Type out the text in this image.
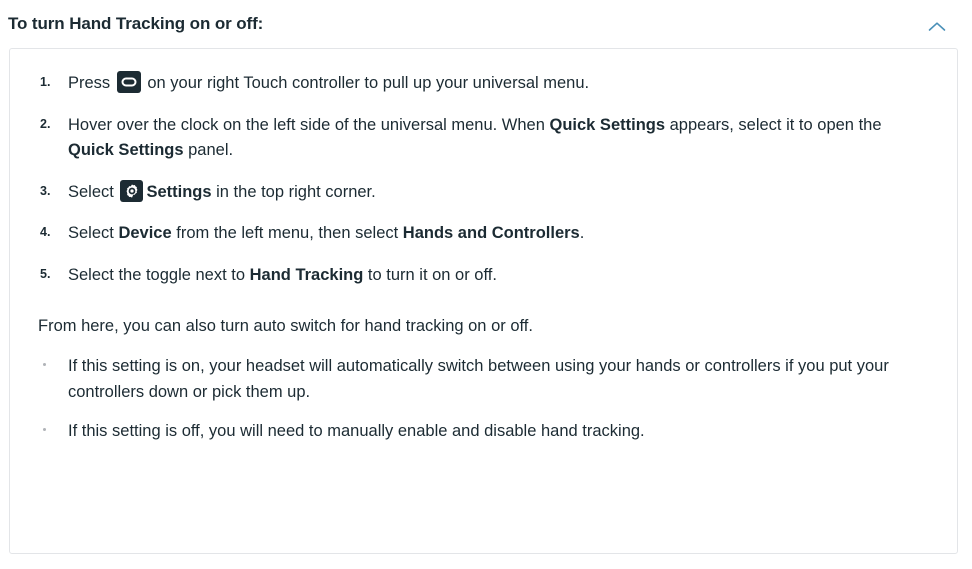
To turn Hand Tracking on or off:
1. Press
on your right Touch controller to pull up your universal menu.
2. Hover over the clock on the left side of the universal menu. When Quick Settings appears, select it to open the Quick Settings panel.
3. Select
Settings in the top right corner.
4. Select Device from the left menu, then select Hands and Controllers.
5. Select the toggle next to Hand Tracking to turn it on or off.

From here, you can also turn auto switch for hand tracking on or off.

If this setting is on, your headset will automatically switch between using your hands or controllers if you put your controllers down or pick them up.
If this setting is off, you will need to manually enable and disable hand tracking.
